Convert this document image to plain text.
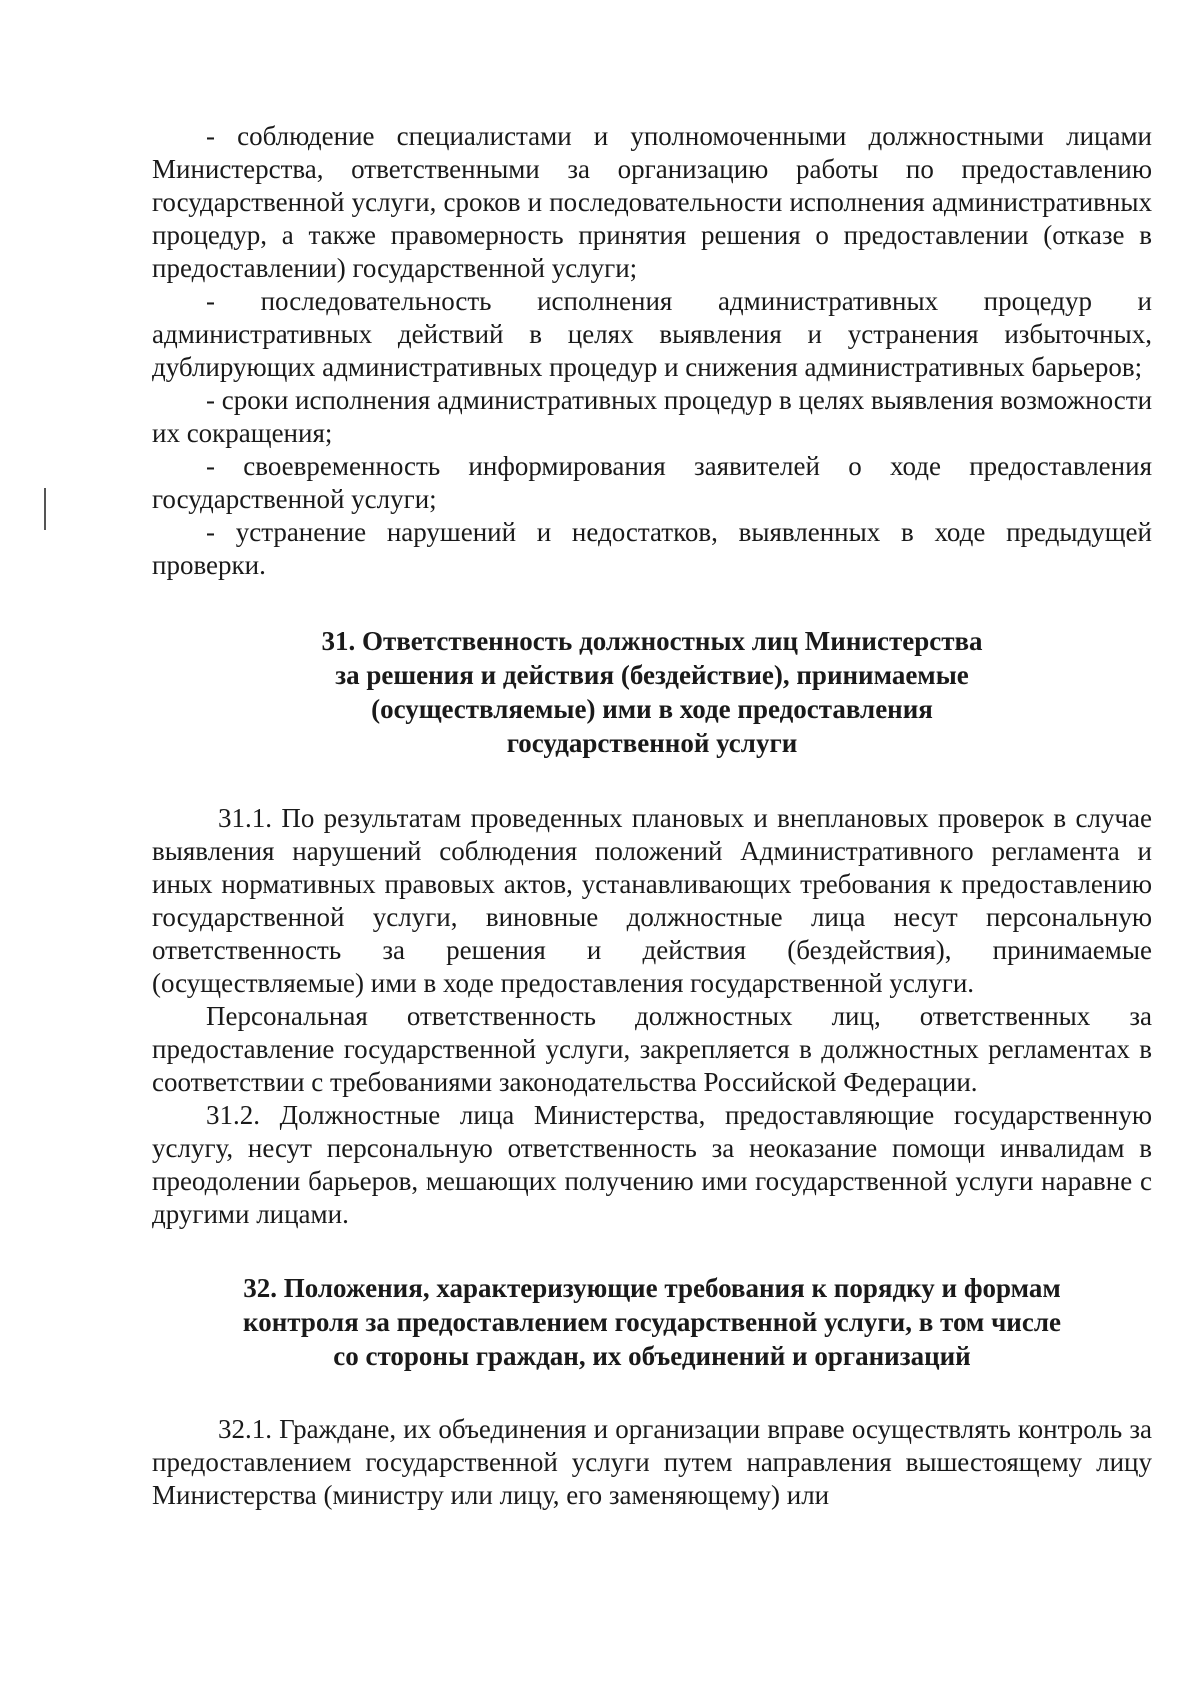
- соблюдение специалистами и уполномоченными должностными лицами Министерства, ответственными за организацию работы по предоставлению государственной услуги, сроков и последовательности исполнения административных процедур, а также правомерность принятия решения о предоставлении (отказе в предоставлении) государственной услуги;

- последовательность исполнения административных процедур и административных действий в целях выявления и устранения избыточных, дублирующих административных процедур и снижения административных барьеров;

- сроки исполнения административных процедур в целях выявления возможности их сокращения;

- своевременность информирования заявителей о ходе предоставления государственной услуги;

- устранение нарушений и недостатков, выявленных в ходе предыдущей проверки.

31. Ответственность должностных лиц Министерства
за решения и действия (бездействие), принимаемые
(осуществляемые) ими в ходе предоставления
государственной услуги

31.1. По результатам проведенных плановых и внеплановых проверок в случае выявления нарушений соблюдения положений Административного регламента и иных нормативных правовых актов, устанавливающих требования к предоставлению государственной услуги, виновные должностные лица несут персональную ответственность за решения и действия (бездействия), принимаемые (осуществляемые) ими в ходе предоставления государственной услуги.

Персональная ответственность должностных лиц, ответственных за предоставление государственной услуги, закрепляется в должностных регламентах в соответствии с требованиями законодательства Российской Федерации.

31.2. Должностные лица Министерства, предоставляющие государственную услугу, несут персональную ответственность за неоказание помощи инвалидам в преодолении барьеров, мешающих получению ими государственной услуги наравне с другими лицами.

32. Положения, характеризующие требования к порядку и формам
контроля за предоставлением государственной услуги, в том числе
со стороны граждан, их объединений и организаций

32.1. Граждане, их объединения и организации вправе осуществлять контроль за предоставлением государственной услуги путем направления вышестоящему лицу Министерства (министру или лицу, его заменяющему) или
